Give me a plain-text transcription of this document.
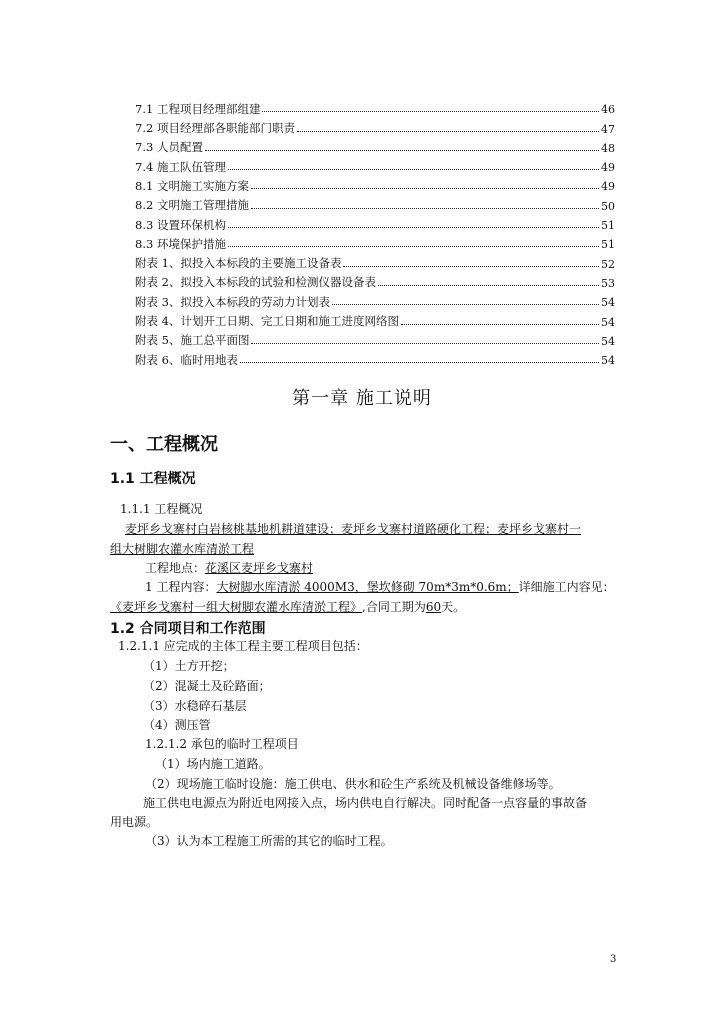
7.1 工程项目经理部组建	46
7.2 项目经理部各职能部门职责	47
7.3 人员配置	48
7.4 施工队伍管理	49
8.1 文明施工实施方案	49
8.2 文明施工管理措施	50
8.3 设置环保机构	51
8.3 环境保护措施	51
附表 1、拟投入本标段的主要施工设备表	52
附表 2、拟投入本标段的试验和检测仪器设备表	53
附表 3、拟投入本标段的劳动力计划表	54
附表 4、计划开工日期、完工日期和施工进度网络图	54
附表 5、施工总平面图	54
附表 6、临时用地表	54
第一章 施工说明
一、工程概况
1.1 工程概况
1.1.1 工程概况
麦坪乡戈寨村白岩核桃基地机耕道建设；麦坪乡戈寨村道路硬化工程；麦坪乡戈寨村一
组大树脚农灌水库清淤工程
工程地点：花溪区麦坪乡戈寨村
1 工程内容：大树脚水库清淤 4000M3，堡坎修砌 70m*3m*0.6m；详细施工内容见：
《麦坪乡戈寨村一组大树脚农灌水库清淤工程》,合同工期为60天。
1.2 合同项目和工作范围
1.2.1.1 应完成的主体工程主要工程项目包括：
（1）土方开挖；
（2）混凝土及砼路面；
（3）水稳碎石基层
（4）测压管
1.2.1.2 承包的临时工程项目
（1）场内施工道路。
（2）现场施工临时设施：施工供电、供水和砼生产系统及机械设备维修场等。
施工供电电源点为附近电网接入点，场内供电自行解决。同时配备一点容量的事故备
用电源。
（3）认为本工程施工所需的其它的临时工程。
3
